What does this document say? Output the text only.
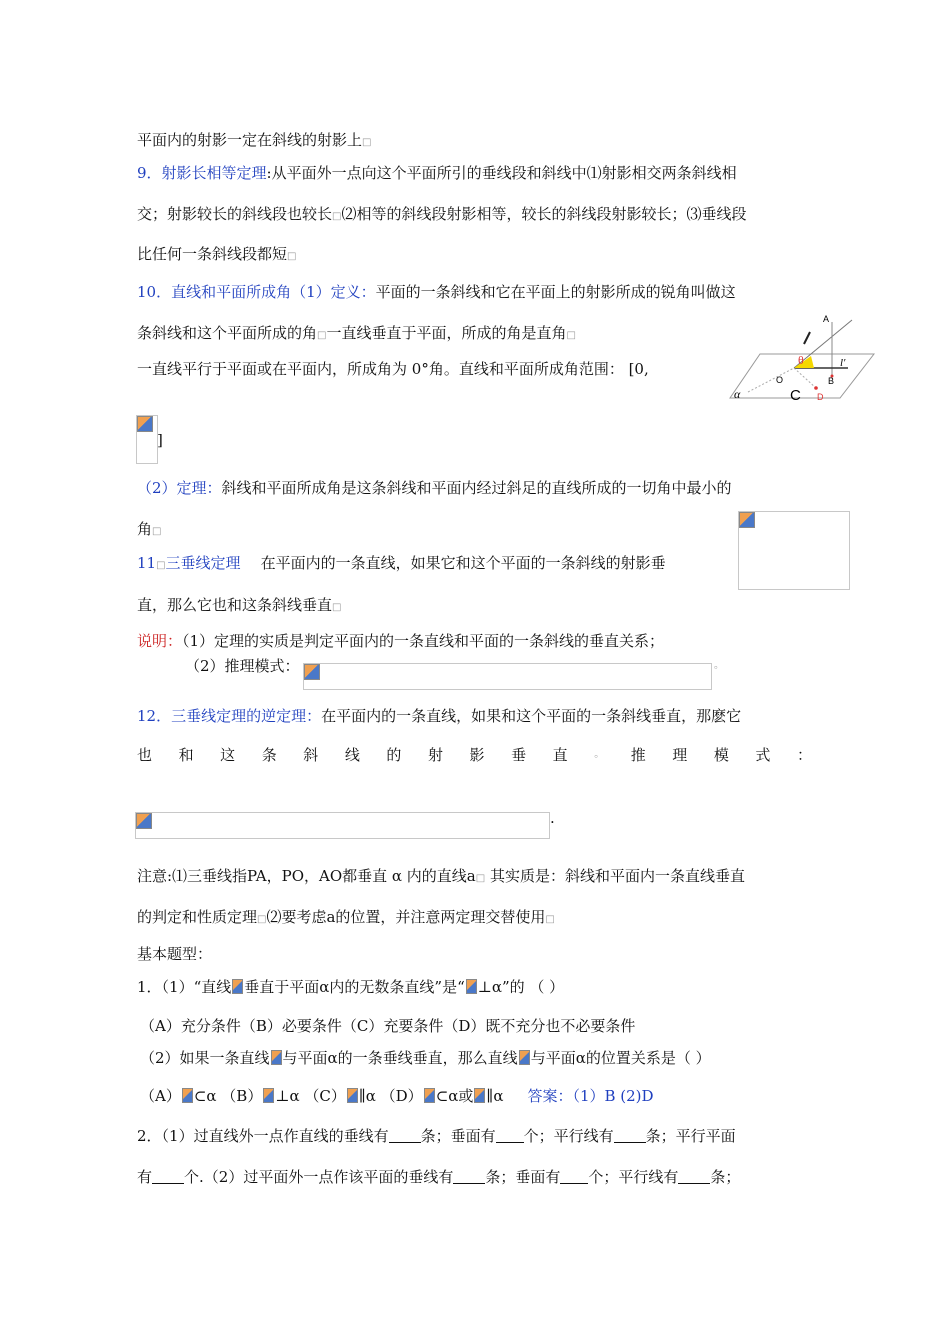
平面内的射影一定在斜线的射影上□
9．射影长相等定理:从平面外一点向这个平面所引的垂线段和斜线中⑴射影相交两条斜线相
交；射影较长的斜线段也较长□⑵相等的斜线段射影相等，较长的斜线段射影较长；⑶垂线段
比任何一条斜线段都短□
10．直线和平面所成角（1）定义：平面的一条斜线和它在平面上的射影所成的锐角叫做这
条斜线和这个平面所成的角□一直线垂直于平面，所成的角是直角□
一直线平行于平面或在平面内，所成角为 0°角。直线和平面所成角范围： [0,
A
θ	l′
O	B
α	C D
]
（2）定理：斜线和平面所成角是这条斜线和平面内经过斜足的直线所成的一切角中最小的
角□
11□三垂线定理 在平面内的一条直线，如果它和这个平面的一条斜线的射影垂
直，那么它也和这条斜线垂直□
说明：（1）定理的实质是判定平面内的一条直线和平面的一条斜线的垂直关系；
（2）推理模式：	。
12．三垂线定理的逆定理：在平面内的一条直线，如果和这个平面的一条斜线垂直，那麽它
也 和 这 条 斜 线 的 射 影 垂 直	。 推 理 模 式 ：
.
注意:⑴三垂线指PA，PO，AO都垂直 α 内的直线a□ 其实质是：斜线和平面内一条直线垂直
的判定和性质定理□⑵要考虑a的位置，并注意两定理交替使用□
基本题型：
1．（1）“直线 垂直于平面α内的无数条直线”是“ ⊥α”的 （ ）
（A）充分条件（B）必要条件（C）充要条件（D）既不充分也不必要条件
（2）如果一条直线 与平面α的一条垂线垂直，那么直线 与平面α的位置关系是（ ）
（A） ⊂α （B） ⊥α （C） ∥α （D） ⊂α或 ∥α 答案：（1）B (2)D
2．（1）过直线外一点作直线的垂线有 条；垂面有 个；平行线有 条；平行平面
有 个.（2）过平面外一点作该平面的垂线有 条；垂面有 个；平行线有 条；
